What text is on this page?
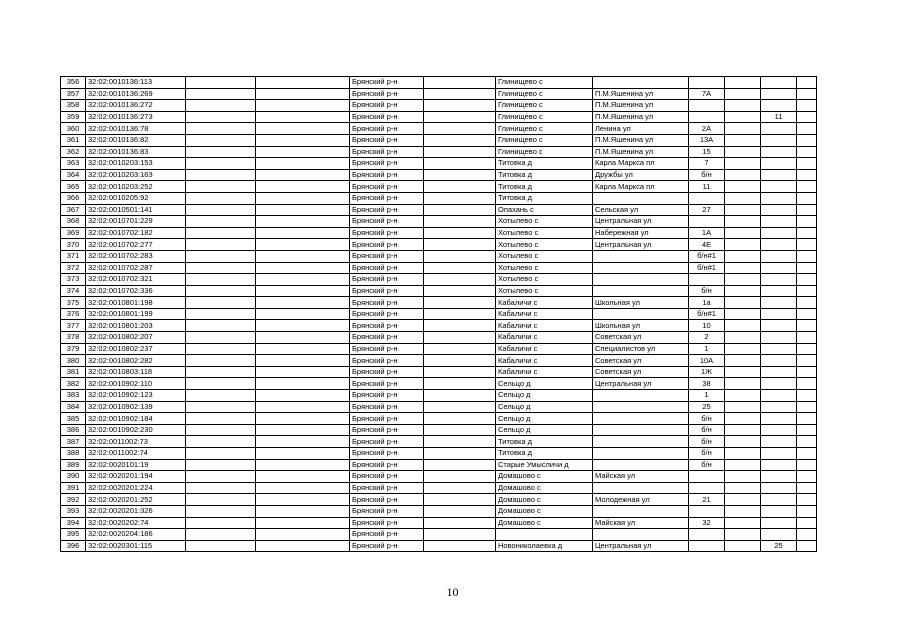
356	32:02:0010136:113			Брянский р-н		Глинищево с					
357	32:02:0010136:269			Брянский р-н		Глинищево с	П.М.Яшенина ул	7А			
358	32:02:0010136:272			Брянский р-н		Глинищево с	П.М.Яшенина ул				
359	32:02:0010136:273			Брянский р-н		Глинищево с	П.М.Яшенина ул			11	
360	32:02:0010136:78			Брянский р-н		Глинищево с	Ленина ул	2А			
361	32:02:0010136:82			Брянский р-н		Глинищево с	П.М.Яшенина ул	13А			
362	32:02:0010136:83			Брянский р-н		Глинищево с	П.М.Яшенина ул	15			
363	32:02:0010203:153			Брянский р-н		Титовка д	Карла Маркса пл	7			
364	32:02:0010203:163			Брянский р-н		Титовка д	Дружбы ул	б/н			
365	32:02:0010203:252			Брянский р-н		Титовка д	Карла Маркса пл	11			
366	32:02:0010205:92			Брянский р-н		Титовка д					
367	32:02:0010501:141			Брянский р-н		Опахань с	Сельская ул	27			
368	32:02:0010701:229			Брянский р-н		Хотылево с	Центральная ул				
369	32:02:0010702:182			Брянский р-н		Хотылево с	Набережная ул	1А			
370	32:02:0010702:277			Брянский р-н		Хотылево с	Центральная ул	4Е			
371	32:02:0010702:283			Брянский р-н		Хотылево с		б/н#1			
372	32:02:0010702:287			Брянский р-н		Хотылево с		б/н#1			
373	32:02:0010702:321			Брянский р-н		Хотылево с					
374	32:02:0010702:336			Брянский р-н		Хотылево с		б/н			
375	32:02:0010801:198			Брянский р-н		Кабаличи с	Школьная ул	1а			
376	32:02:0010801:199			Брянский р-н		Кабаличи с		б/н#1			
377	32:02:0010801:203			Брянский р-н		Кабаличи с	Школьная ул	10			
378	32:02:0010802:207			Брянский р-н		Кабаличи с	Советская ул	2			
379	32:02:0010802:237			Брянский р-н		Кабаличи с	Специалистов ул	1			
380	32:02:0010802:282			Брянский р-н		Кабаличи с	Советская ул	10А			
381	32:02:0010803:118			Брянский р-н		Кабаличи с	Советская ул	1Ж			
382	32:02:0010902:110			Брянский р-н		Сельцо д	Центральная ул	38			
383	32:02:0010902:123			Брянский р-н		Сельцо д		1			
384	32:02:0010902:139			Брянский р-н		Сельцо д		25			
385	32:02:0010902:184			Брянский р-н		Сельцо д		б/н			
386	32:02:0010902:230			Брянский р-н		Сельцо д		б/н			
387	32:02:0011002:73			Брянский р-н		Титовка д		б/н			
388	32:02:0011002:74			Брянский р-н		Титовка д		б/н			
389	32:02:0020101:19			Брянский р-н		Старые Умысличи д		б/н			
390	32:02:0020201:194			Брянский р-н		Домашово с	Майская ул				
391	32:02:0020201:224			Брянский р-н		Домашово с					
392	32:02:0020201:252			Брянский р-н		Домашово с	Молодежная ул	21			
393	32:02:0020201:326			Брянский р-н		Домашово с					
394	32:02:0020202:74			Брянский р-н		Домашово с	Майская ул	32			
395	32:02:0020204:186			Брянский р-н							
396	32:02:0020301:115			Брянский р-н		Новониколаевка д	Центральная ул			25	
10
